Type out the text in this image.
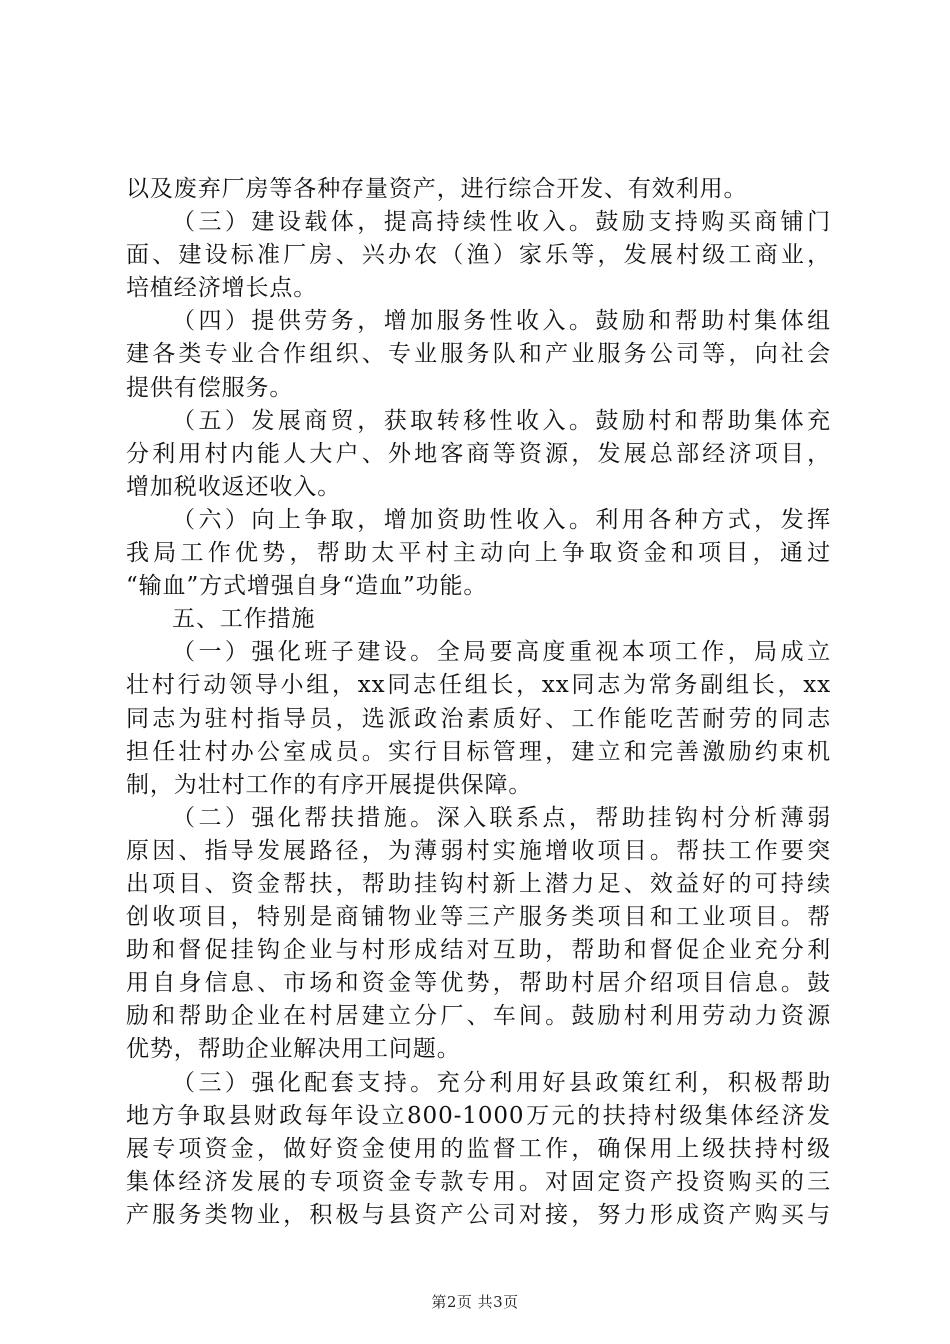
以及废弃厂房等各种存量资产，进行综合开发、有效利用。
（三）建设载体，提高持续性收入。鼓励支持购买商铺门
面、建设标准厂房、兴办农（渔）家乐等，发展村级工商业，
培植经济增长点。
（四）提供劳务，增加服务性收入。鼓励和帮助村集体组
建各类专业合作组织、专业服务队和产业服务公司等，向社会
提供有偿服务。
（五）发展商贸，获取转移性收入。鼓励村和帮助集体充
分利用村内能人大户、外地客商等资源，发展总部经济项目，
增加税收返还收入。
（六）向上争取，增加资助性收入。利用各种方式，发挥
我局工作优势，帮助太平村主动向上争取资金和项目，通过
“输血”方式增强自身“造血”功能。
五、工作措施
（一）强化班子建设。全局要高度重视本项工作，局成立
壮村行动领导小组，xx同志任组长，xx同志为常务副组长，xx
同志为驻村指导员，选派政治素质好、工作能吃苦耐劳的同志
担任壮村办公室成员。实行目标管理，建立和完善激励约束机
制，为壮村工作的有序开展提供保障。
（二）强化帮扶措施。深入联系点，帮助挂钩村分析薄弱
原因、指导发展路径，为薄弱村实施增收项目。帮扶工作要突
出项目、资金帮扶，帮助挂钩村新上潜力足、效益好的可持续
创收项目，特别是商铺物业等三产服务类项目和工业项目。帮
助和督促挂钩企业与村形成结对互助，帮助和督促企业充分利
用自身信息、市场和资金等优势，帮助村居介绍项目信息。鼓
励和帮助企业在村居建立分厂、车间。鼓励村利用劳动力资源
优势，帮助企业解决用工问题。
（三）强化配套支持。充分利用好县政策红利，积极帮助
地方争取县财政每年设立800-1000万元的扶持村级集体经济发
展专项资金，做好资金使用的监督工作，确保用上级扶持村级
集体经济发展的专项资金专款专用。对固定资产投资购买的三
产服务类物业，积极与县资产公司对接，努力形成资产购买与
第2页 共3页
